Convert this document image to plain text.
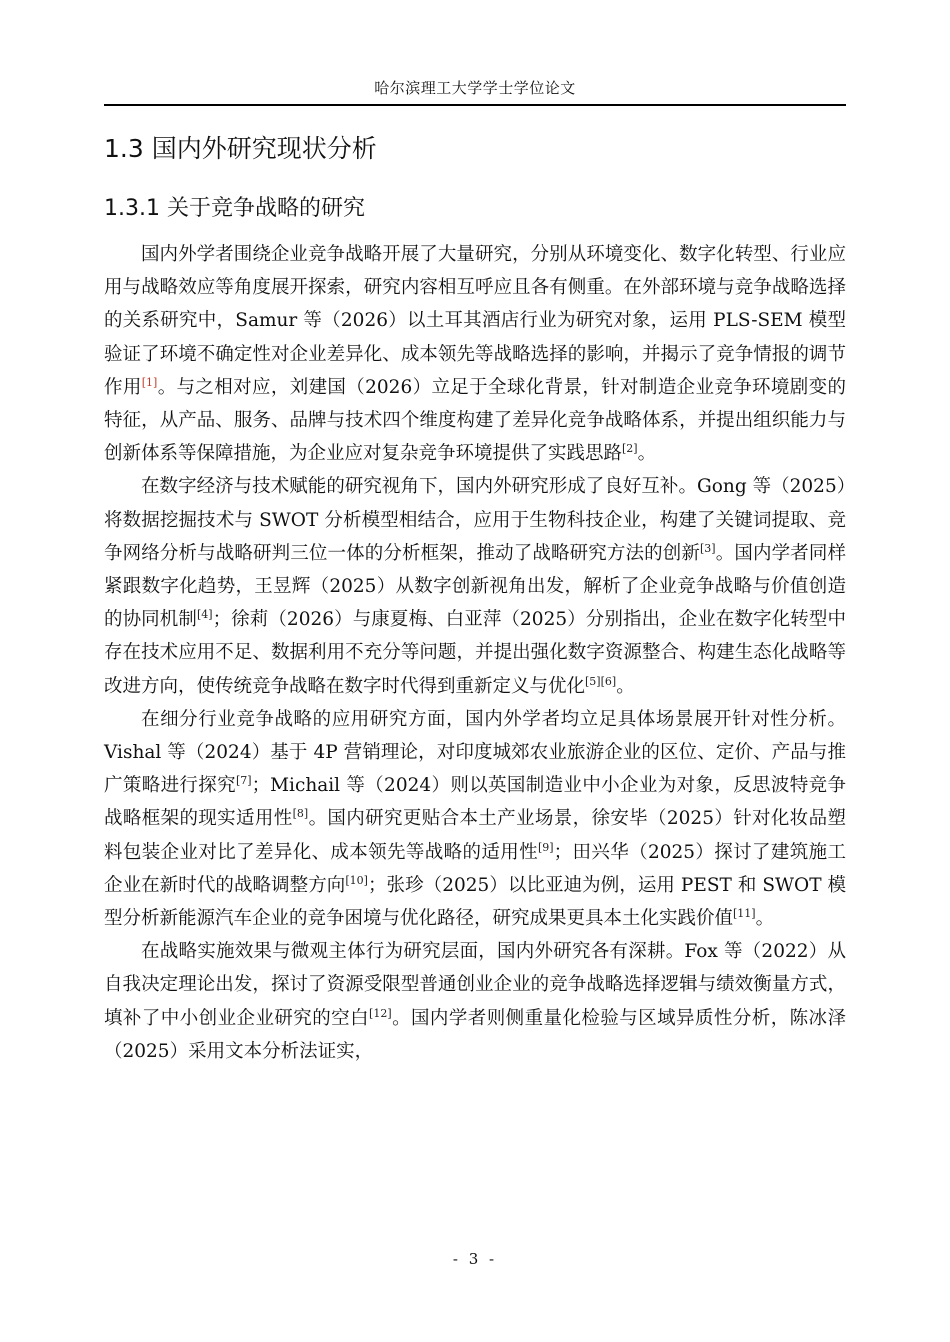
哈尔滨理工大学学士学位论文
1.3 国内外研究现状分析
1.3.1 关于竞争战略的研究

国内外学者围绕企业竞争战略开展了大量研究，分别从环境变化、数字化转型、行业应用与战略效应等角度展开探索，研究内容相互呼应且各有侧重。在外部环境与竞争战略选择的关系研究中，Samur 等（2026）以土耳其酒店行业为研究对象，运用 PLS-SEM 模型验证了环境不确定性对企业差异化、成本领先等战略选择的影响，并揭示了竞争情报的调节作用[1]。与之相对应，刘建国（2026）立足于全球化背景，针对制造企业竞争环境剧变的特征，从产品、服务、品牌与技术四个维度构建了差异化竞争战略体系，并提出组织能力与创新体系等保障措施，为企业应对复杂竞争环境提供了实践思路[2]。

在数字经济与技术赋能的研究视角下，国内外研究形成了良好互补。Gong 等（2025）将数据挖掘技术与 SWOT 分析模型相结合，应用于生物科技企业，构建了关键词提取、竞争网络分析与战略研判三位一体的分析框架，推动了战略研究方法的创新[3]。国内学者同样紧跟数字化趋势，王昱辉（2025）从数字创新视角出发，解析了企业竞争战略与价值创造的协同机制[4]；徐莉（2026）与康夏梅、白亚萍（2025）分别指出，企业在数字化转型中存在技术应用不足、数据利用不充分等问题，并提出强化数字资源整合、构建生态化战略等改进方向，使传统竞争战略在数字时代得到重新定义与优化[5][6]。

在细分行业竞争战略的应用研究方面，国内外学者均立足具体场景展开针对性分析。Vishal 等（2024）基于 4P 营销理论，对印度城郊农业旅游企业的区位、定价、产品与推广策略进行探究[7]；Michail 等（2024）则以英国制造业中小企业为对象，反思波特竞争战略框架的现实适用性[8]。国内研究更贴合本土产业场景，徐安毕（2025）针对化妆品塑料包装企业对比了差异化、成本领先等战略的适用性[9]；田兴华（2025）探讨了建筑施工企业在新时代的战略调整方向[10]；张珍（2025）以比亚迪为例，运用 PEST 和 SWOT 模型分析新能源汽车企业的竞争困境与优化路径，研究成果更具本土化实践价值[11]。

在战略实施效果与微观主体行为研究层面，国内外研究各有深耕。Fox 等（2022）从自我决定理论出发，探讨了资源受限型普通创业企业的竞争战略选择逻辑与绩效衡量方式，填补了中小创业企业研究的空白[12]。国内学者则侧重量化检验与区域异质性分析，陈冰泽（2025）采用文本分析法证实，

- 3 -
